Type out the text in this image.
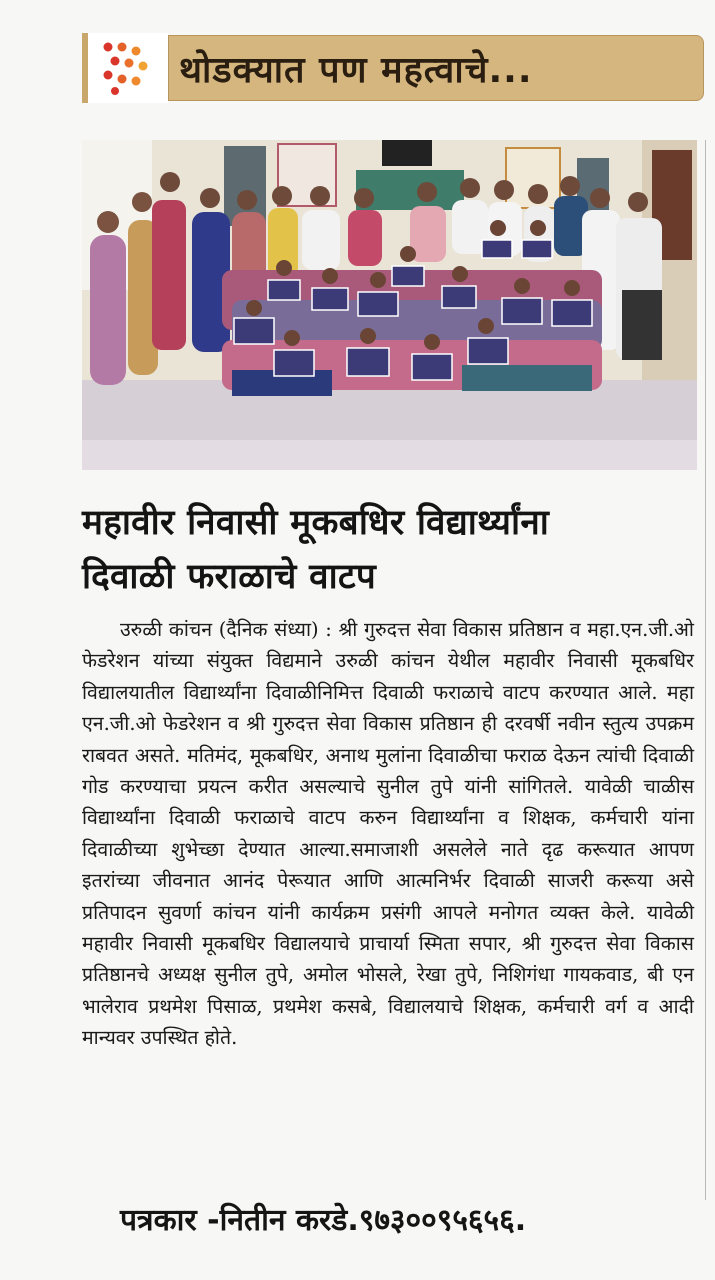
थोडक्यात पण महत्वाचे...
महावीर निवासी मूकबधिर विद्यार्थ्यांना
दिवाळी फराळाचे वाटप
उरुळी कांचन (दैनिक संध्या) : श्री गुरुदत्त सेवा विकास प्रतिष्ठान व महा.एन.जी.ओ फेडरेशन यांच्या संयुक्त विद्यमाने उरुळी कांचन येथील महावीर निवासी मूकबधिर विद्यालयातील विद्यार्थ्यांना दिवाळीनिमित्त दिवाळी फराळाचे वाटप करण्यात आले. महा एन.जी.ओ फेडरेशन व श्री गुरुदत्त सेवा विकास प्रतिष्ठान ही दरवर्षी नवीन स्तुत्य उपक्रम राबवत असते. मतिमंद, मूकबधिर, अनाथ मुलांना दिवाळीचा फराळ देऊन त्यांची दिवाळी गोड करण्याचा प्रयत्न करीत असल्याचे सुनील तुपे यांनी सांगितले. यावेळी चाळीस विद्यार्थ्यांना दिवाळी फराळाचे वाटप करुन विद्यार्थ्यांना व शिक्षक, कर्मचारी यांना दिवाळीच्या शुभेच्छा देण्यात आल्या.समाजाशी असलेले नाते दृढ करूयात आपण इतरांच्या जीवनात आनंद पेरूयात आणि आत्मनिर्भर दिवाळी साजरी करूया असे प्रतिपादन सुवर्णा कांचन यांनी कार्यक्रम प्रसंगी आपले मनोगत व्यक्त केले. यावेळी महावीर निवासी मूकबधिर विद्यालयाचे प्राचार्या स्मिता सपार, श्री गुरुदत्त सेवा विकास प्रतिष्ठानचे अध्यक्ष सुनील तुपे, अमोल भोसले, रेखा तुपे, निशिगंधा गायकवाड, बी एन भालेराव प्रथमेश पिसाळ, प्रथमेश कसबे, विद्यालयाचे शिक्षक, कर्मचारी वर्ग व आदी मान्यवर उपस्थित होते.
पत्रकार -नितीन करडे.९७३००९५६५६.
